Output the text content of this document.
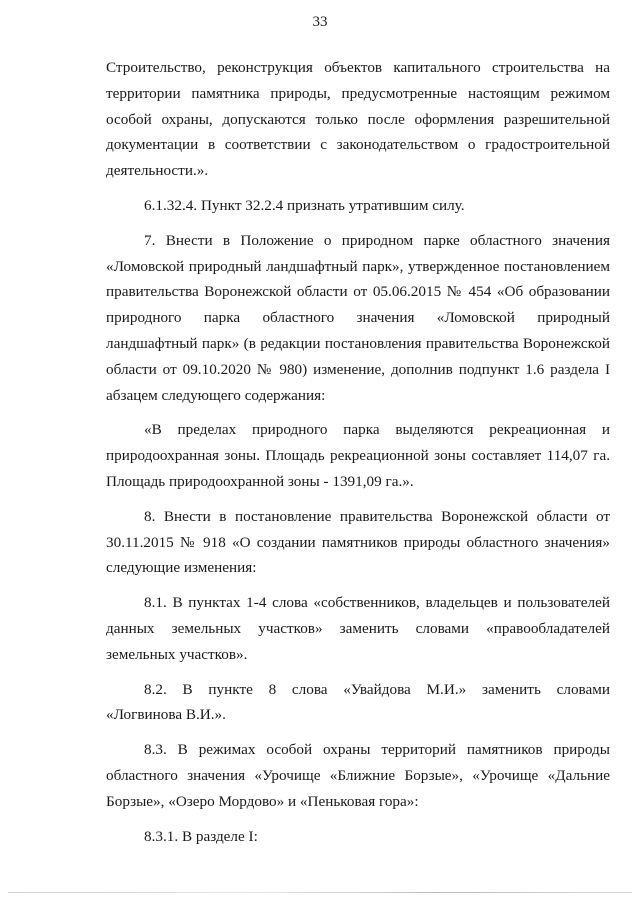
33

Строительство, реконструкция объектов капитального строительства на
территории памятника природы, предусмотренные настоящим режимом
особой охраны, допускаются только после оформления разрешительной
документации в соответствии с законодательством о градостроительной
деятельности.».

6.1.32.4. Пункт 32.2.4 признать утратившим силу.

7. Внести в Положение о природном парке областного значения
«Ломовской природный ландшафтный парк», утвержденное постановлением
правительства Воронежской области от 05.06.2015 № 454 «Об образовании
природного парка областного значения «Ломовской природный
ландшафтный парк» (в редакции постановления правительства Воронежской
области от 09.10.2020 № 980) изменение, дополнив подпункт 1.6 раздела I
абзацем следующего содержания:

«В пределах природного парка выделяются рекреационная и
природоохранная зоны. Площадь рекреационной зоны составляет 114,07 га.
Площадь природоохранной зоны - 1391,09 га.».

8. Внести в постановление правительства Воронежской области от
30.11.2015 № 918 «О создании памятников природы областного значения»
следующие изменения:

8.1. В пунктах 1-4 слова «собственников, владельцев и пользователей
данных земельных участков» заменить словами «правообладателей
земельных участков».

8.2. В пункте 8 слова «Увайдова М.И.» заменить словами
«Логвинова В.И.».

8.3. В режимах особой охраны территорий памятников природы
областного значения «Урочище «Ближние Борзые», «Урочище «Дальние
Борзые», «Озеро Мордово» и «Пеньковая гора»:

8.3.1. В разделе I:
